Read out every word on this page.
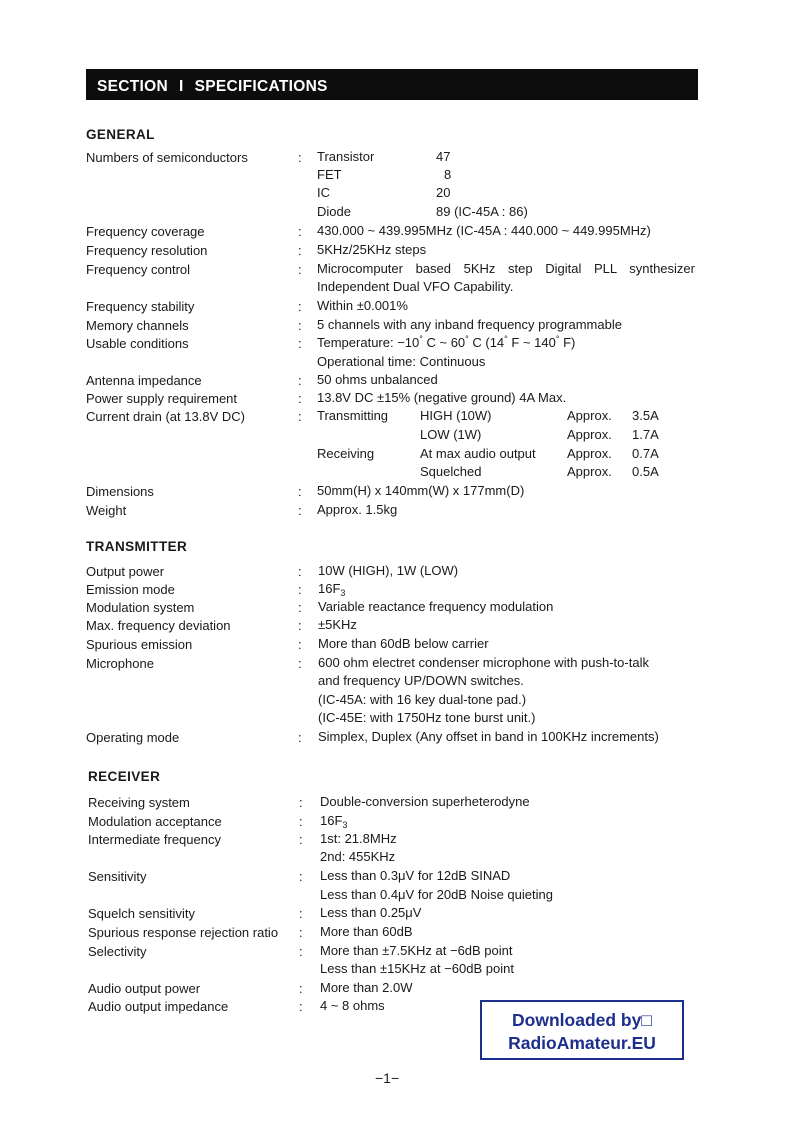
SECTION I SPECIFICATIONS
GENERAL
Numbers of semiconductors	: Transistor	47
FET	8
IC	20
Diode	89 (IC-45A : 86)
Frequency coverage	: 430.000 ~ 439.995MHz (IC-45A : 440.000 ~ 449.995MHz)
Frequency resolution	: 5KHz/25KHz steps
Frequency control	: Microcomputer based 5KHz step Digital PLL synthesizer
Independent Dual VFO Capability.
Frequency stability	: Within ±0.001%
Memory channels	: 5 channels with any inband frequency programmable
Usable conditions	: Temperature: −10° C ~ 60° C (14° F ~ 140° F)
Operational time: Continuous
Antenna impedance	: 50 ohms unbalanced
Power supply requirement	: 13.8V DC ±15% (negative ground) 4A Max.
Current drain (at 13.8V DC)	: Transmitting HIGH (10W)	Approx. 3.5A
LOW (1W)	Approx. 1.7A
Receiving	At max audio output Approx. 0.7A
Squelched	Approx. 0.5A
Dimensions	: 50mm(H) x 140mm(W) x 177mm(D)
Weight	: Approx. 1.5kg
TRANSMITTER
Output power	: 10W (HIGH), 1W (LOW)
Emission mode	: $16F_3$
Modulation system	: Variable reactance frequency modulation
Max. frequency deviation	: ±5KHz
Spurious emission	: More than 60dB below carrier
Microphone	: 600 ohm electret condenser microphone with push-to-talk
and frequency UP/DOWN switches.
(IC-45A: with 16 key dual-tone pad.)
(IC-45E: with 1750Hz tone burst unit.)
Operating mode	: Simplex, Duplex (Any offset in band in 100KHz increments)
RECEIVER
Receiving system	: Double-conversion superheterodyne
Modulation acceptance	: $16F_3$
Intermediate frequency	: 1st: 21.8MHz
2nd: 455KHz
Sensitivity	: Less than 0.3μV for 12dB SINAD
Less than 0.4μV for 20dB Noise quieting
Squelch sensitivity	: Less than 0.25μV
Spurious response rejection ratio : More than 60dB
Selectivity	: More than ±7.5KHz at −6dB point
Less than ±15KHz at −60dB point
Audio output power	: More than 2.0W
Audio output impedance	: 4 ~ 8 ohms
Downloaded by□
RadioAmateur.EU
−1−
